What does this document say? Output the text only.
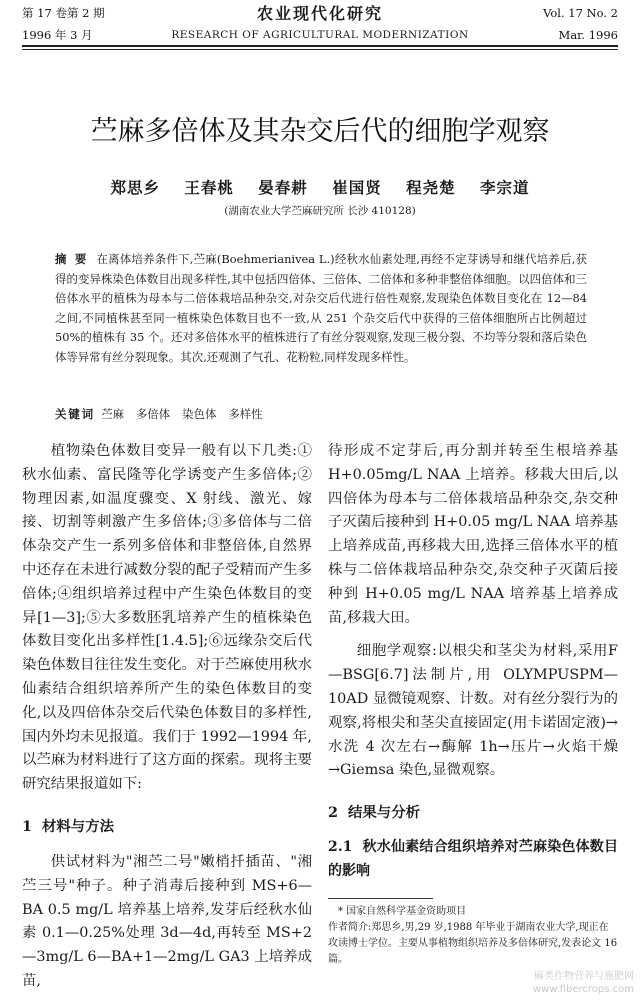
第 17 卷第 2 期
1996 年 3 月
农业现代化研究
RESEARCH OF AGRICULTURAL MODERNIZATION
Vol. 17 No. 2
Mar. 1996
苎麻多倍体及其杂交后代的细胞学观察
郑思乡 王春桃 晏春耕 崔国贤 程尧楚 李宗道
(湖南农业大学苎麻研究所 长沙 410128)
摘 要 在离体培养条件下,苎麻(Boehmerianivea L.)经秋水仙素处理,再经不定芽诱导和继代培养后,获得的变异株染色体数目出现多样性,其中包括四倍体、三倍体、二倍体和多种非整倍体细胞。以四倍体和三倍体水平的植株为母本与二倍体栽培品种杂交,对杂交后代进行倍性观察,发现染色体数目变化在 12—84 之间,不同植株甚至同一植株染色体数目也不一致,从 251 个杂交后代中获得的三倍体细胞所占比例超过 50%的植株有 35 个。还对多倍体水平的植株进行了有丝分裂观察,发现三极分裂、不均等分裂和落后染色体等异常有丝分裂现象。其次,还观测了气孔、花粉粒,同样发现多样性。
关键词 苎麻 多倍体 染色体 多样性

植物染色体数目变异一般有以下几类:①秋水仙素、富民隆等化学诱变产生多倍体;②物理因素,如温度骤变、X 射线、激光、嫁接、切割等刺激产生多倍体;③多倍体与二倍体杂交产生一系列多倍体和非整倍体,自然界中还存在未进行减数分裂的配子受精而产生多倍体;④组织培养过程中产生染色体数目的变异[1—3];⑤大多数胚乳培养产生的植株染色体数目变化出多样性[1.4.5];⑥远缘杂交后代染色体数目往往发生变化。对于苎麻使用秋水仙素结合组织培养所产生的染色体数目的变化,以及四倍体杂交后代染色体数目的多样性,国内外均未见报道。我们于 1992—1994 年,以苎麻为材料进行了这方面的探索。现将主要研究结果报道如下:

1 材料与方法

供试材料为"湘苎二号"嫩梢扦插苗、"湘苎三号"种子。种子消毒后接种到 MS+6—BA 0.5 mg/L 培养基上培养,发芽后经秋水仙素 0.1—0.25%处理 3d—4d,再转至 MS+2—3mg/L 6—BA+1—2mg/L GA3 上培养成苗,

待形成不定芽后,再分割并转至生根培养基 H+0.05mg/L NAA 上培养。移栽大田后,以四倍体为母本与二倍体栽培品种杂交,杂交种子灭菌后接种到 H+0.05 mg/L NAA 培养基上培养成苗,再移栽大田,选择三倍体水平的植株与二倍体栽培品种杂交,杂交种子灭菌后接种到 H+0.05 mg/L NAA 培养基上培养成苗,移栽大田。

细胞学观察:以根尖和茎尖为材料,采用F—BSG[6.7]法制片,用 OLYMPUSPM—10AD 显微镜观察、计数。对有丝分裂行为的观察,将根尖和茎尖直接固定(用卡诺固定液)→水洗 4 次左右→酶解 1h→压片→火焰干燥→Giemsa 染色,显微观察。

2 结果与分析
2.1 秋水仙素结合组织培养对苎麻染色体数目的影响

* 国家自然科学基金资助项目

作者简介:郑思乡,男,29 岁,1988 年毕业于湖南农业大学,现正在攻读博士学位。主要从事植物组织培养及多倍体研究,发表论文 16 篇。

麻类作物营养与施肥网
www.fibercrops.com
